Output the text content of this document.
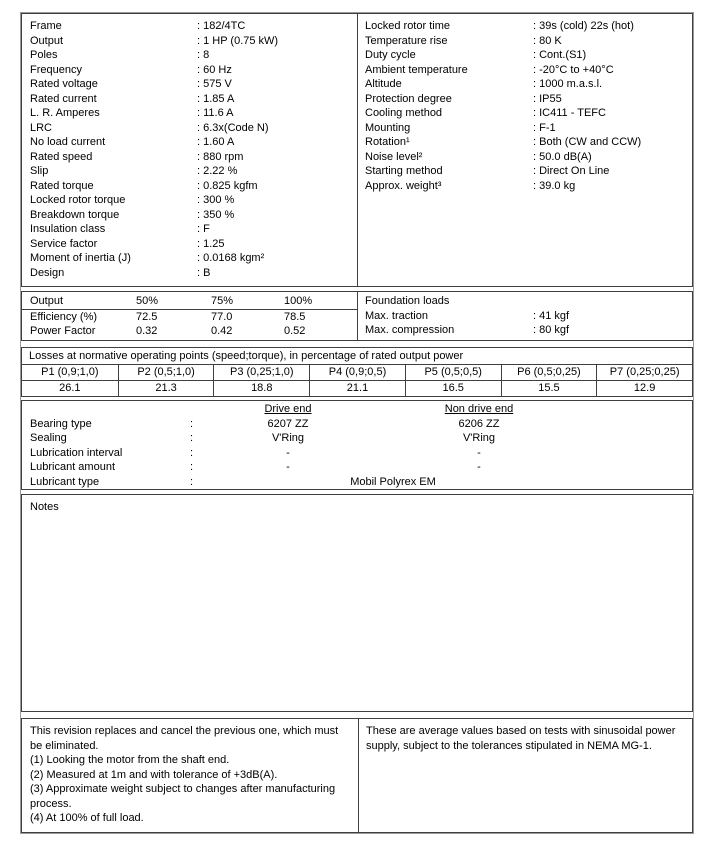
Frame	: 182/4TC
Output	: 1 HP (0.75 kW)
Poles	: 8
Frequency	: 60 Hz
Rated voltage	: 575 V
Rated current	: 1.85 A
L. R. Amperes	: 11.6 A
LRC	: 6.3x(Code N)
No load current	: 1.60 A
Rated speed	: 880 rpm
Slip	: 2.22 %
Rated torque	: 0.825 kgfm
Locked rotor torque	: 300 %
Breakdown torque	: 350 %
Insulation class	: F
Service factor	: 1.25
Moment of inertia (J)	: 0.0168 kgm²
Design	: B
Locked rotor time	: 39s (cold) 22s (hot)
Temperature rise	: 80 K
Duty cycle	: Cont.(S1)
Ambient temperature	: -20°C to +40°C
Altitude	: 1000 m.a.s.l.
Protection degree	: IP55
Cooling method	: IC411 - TEFC
Mounting	: F-1
Rotation¹	: Both (CW and CCW)
Noise level²	: 50.0 dB(A)
Starting method	: Direct On Line
Approx. weight³	: 39.0 kg
Output	50%	75%	100%
Efficiency (%)	72.5	77.0	78.5
Power Factor	0.32	0.42	0.52
Foundation loads
Max. traction	: 41 kgf
Max. compression	: 80 kgf
Losses at normative operating points (speed;torque), in percentage of rated output power
P1 (0,9;1,0)	P2 (0,5;1,0)	P3 (0,25;1,0)	P4 (0,9;0,5)	P5 (0,5;0,5)	P6 (0,5;0,25)	P7 (0,25;0,25)
26.1	21.3	18.8	21.1	16.5	15.5	12.9
Drive end	Non drive end
Bearing type	:	6207 ZZ	6206 ZZ
Sealing	:	V'Ring	V'Ring
Lubrication interval	:	-	-
Lubricant amount	:	-	-
Lubricant type	:	Mobil Polyrex EM
Notes
This revision replaces and cancel the previous one, which must be eliminated.
(1) Looking the motor from the shaft end.
(2) Measured at 1m and with tolerance of +3dB(A).
(3) Approximate weight subject to changes after manufacturing process.
(4) At 100% of full load.
These are average values based on tests with sinusoidal power supply, subject to the tolerances stipulated in NEMA MG-1.
